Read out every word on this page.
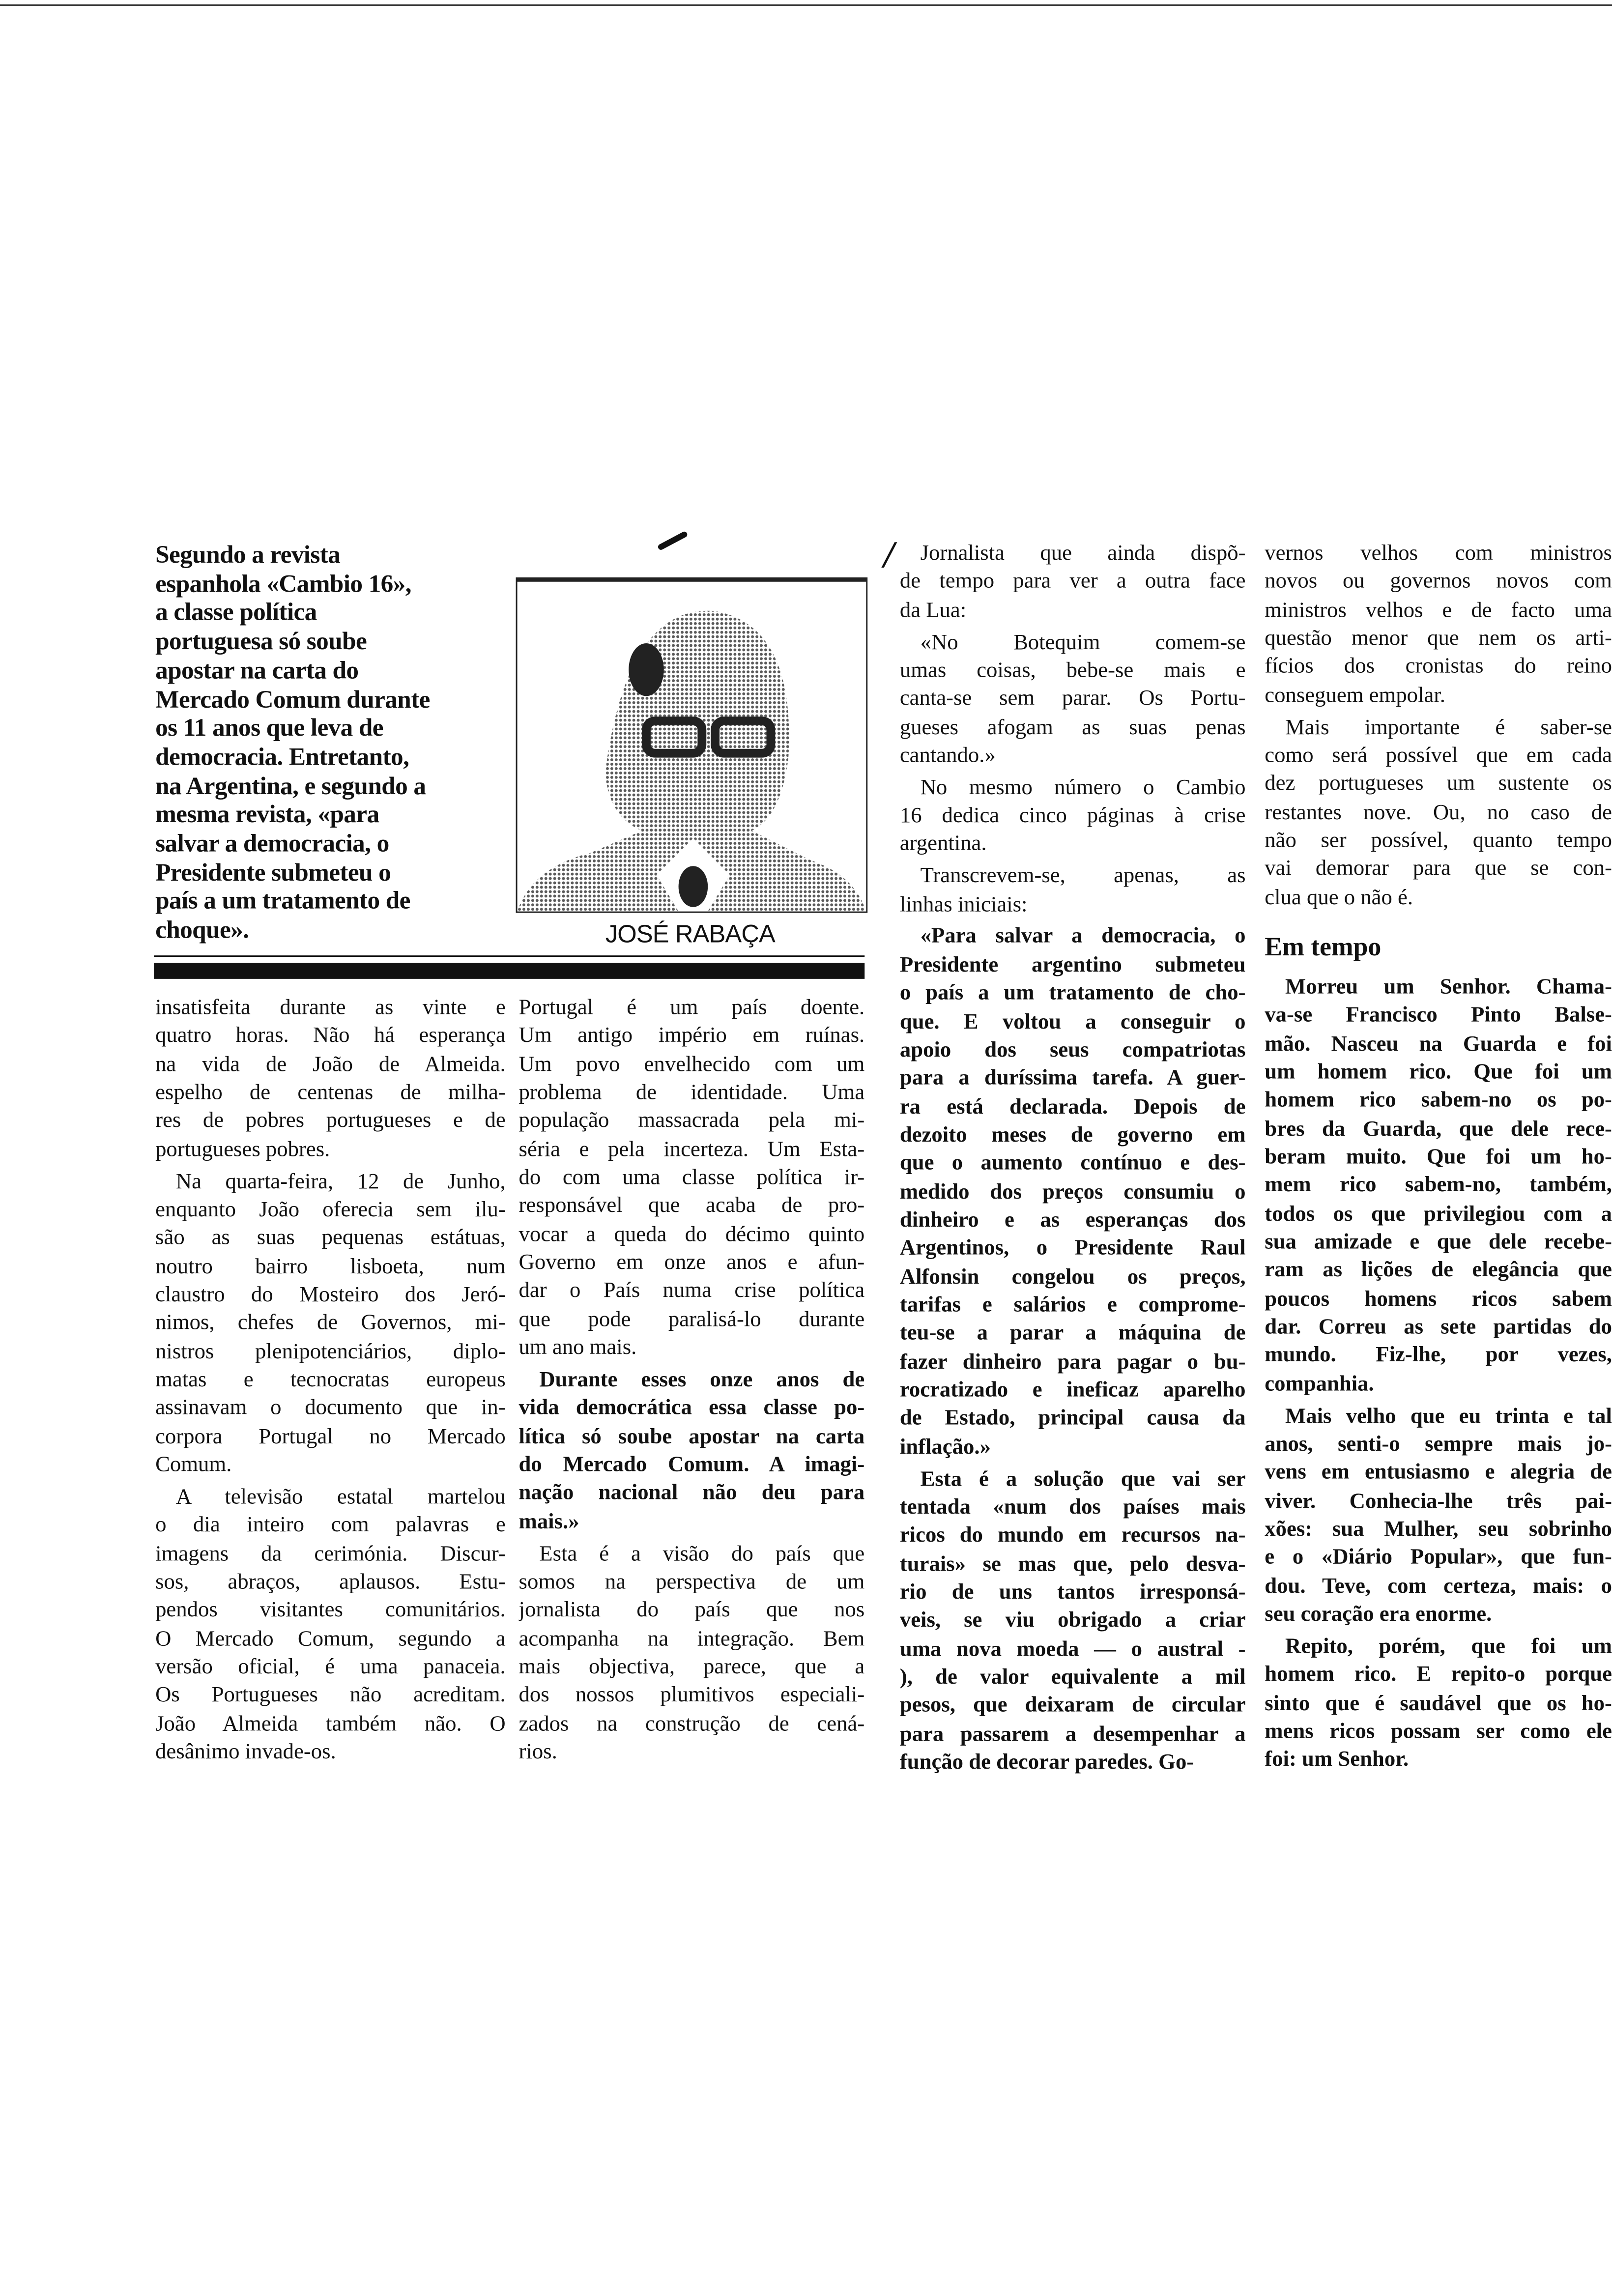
Segundo a revista
espanhola «Cambio 16»,
a classe política
portuguesa só soube
apostar na carta do
Mercado Comum durante
os 11 anos que leva de
democracia. Entretanto,
na Argentina, e segundo a
mesma revista, «para
salvar a democracia, o
Presidente submeteu o
país a um tratamento de
choque».	JOSÉ RABAÇA
insatisfeita durante as vinte e
quatro horas. Não há esperança
na vida de João de Almeida.
espelho de centenas de milha-
res de pobres portugueses e de
portugueses pobres.
Na quarta-feira, 12 de Junho,
enquanto João oferecia sem ilu-
são as suas pequenas estátuas,
noutro bairro lisboeta, num
claustro do Mosteiro dos Jeró-
nimos, chefes de Governos, mi-
nistros plenipotenciários, diplo-
matas e tecnocratas europeus
assinavam o documento que in-
corpora Portugal no Mercado
Comum.
A televisão estatal martelou
o dia inteiro com palavras e
imagens da cerimónia. Discur-
sos, abraços, aplausos. Estu-
pendos visitantes comunitários.
O Mercado Comum, segundo a
versão oficial, é uma panaceia.
Os Portugueses não acreditam.
João Almeida também não. O
desânimo invade-os.
Portugal é um país doente.
Um antigo império em ruínas.
Um povo envelhecido com um
problema de identidade. Uma
população massacrada pela mi-
séria e pela incerteza. Um Esta-
do com uma classe política ir-
responsável que acaba de pro-
vocar a queda do décimo quinto
Governo em onze anos e afun-
dar o País numa crise política
que pode paralisá-lo durante
um ano mais.
Durante esses onze anos de
vida democrática essa classe po-
lítica só soube apostar na carta
do Mercado Comum. A imagi-
nação nacional não deu para
mais.»
Esta é a visão do país que
somos na perspectiva de um
jornalista do país que nos
acompanha na integração. Bem
mais objectiva, parece, que a
dos nossos plumitivos especiali-
zados na construção de cená-
rios.
/	Jornalista que ainda dispõ-
de tempo para ver a outra face
da Lua:
«No Botequim comem-se
umas coisas, bebe-se mais e
canta-se sem parar. Os Portu-
gueses afogam as suas penas
cantando.»
No mesmo número o Cambio
16 dedica cinco páginas à crise
argentina.
Transcrevem-se, apenas, as
linhas iniciais:
«Para salvar a democracia, o
Presidente argentino submeteu
o país a um tratamento de cho-
que. E voltou a conseguir o
apoio dos seus compatriotas
para a duríssima tarefa. A guer-
ra está declarada. Depois de
dezoito meses de governo em
que o aumento contínuo e des-
medido dos preços consumiu o
dinheiro e as esperanças dos
Argentinos, o Presidente Raul
Alfonsin congelou os preços,
tarifas e salários e comprome-
teu-se a parar a máquina de
fazer dinheiro para pagar o bu-
rocratizado e ineficaz aparelho
de Estado, principal causa da
inflação.»
Esta é a solução que vai ser
tentada «num dos países mais
ricos do mundo em recursos na-
turais» se mas que, pelo desva-
rio de uns tantos irresponsá-
veis, se viu obrigado a criar
uma nova moeda — o austral -
), de valor equivalente a mil
pesos, que deixaram de circular
para passarem a desempenhar a
função de decorar paredes. Go-
vernos velhos com ministros
novos ou governos novos com
ministros velhos e de facto uma
questão menor que nem os arti-
fícios dos cronistas do reino
conseguem empolar.
Mais importante é saber-se
como será possível que em cada
dez portugueses um sustente os
restantes nove. Ou, no caso de
não ser possível, quanto tempo
vai demorar para que se con-
clua que o não é.
Em tempo
Morreu um Senhor. Chama-
va-se Francisco Pinto Balse-
mão. Nasceu na Guarda e foi
um homem rico. Que foi um
homem rico sabem-no os po-
bres da Guarda, que dele rece-
beram muito. Que foi um ho-
mem rico sabem-no, também,
todos os que privilegiou com a
sua amizade e que dele recebe-
ram as lições de elegância que
poucos homens ricos sabem
dar. Correu as sete partidas do
mundo. Fiz-lhe, por vezes,
companhia.
Mais velho que eu trinta e tal
anos, senti-o sempre mais jo-
vens em entusiasmo e alegria de
viver. Conhecia-lhe três pai-
xões: sua Mulher, seu sobrinho
e o «Diário Popular», que fun-
dou. Teve, com certeza, mais: o
seu coração era enorme.
Repito, porém, que foi um
homem rico. E repito-o porque
sinto que é saudável que os ho-
mens ricos possam ser como ele
foi: um Senhor.
